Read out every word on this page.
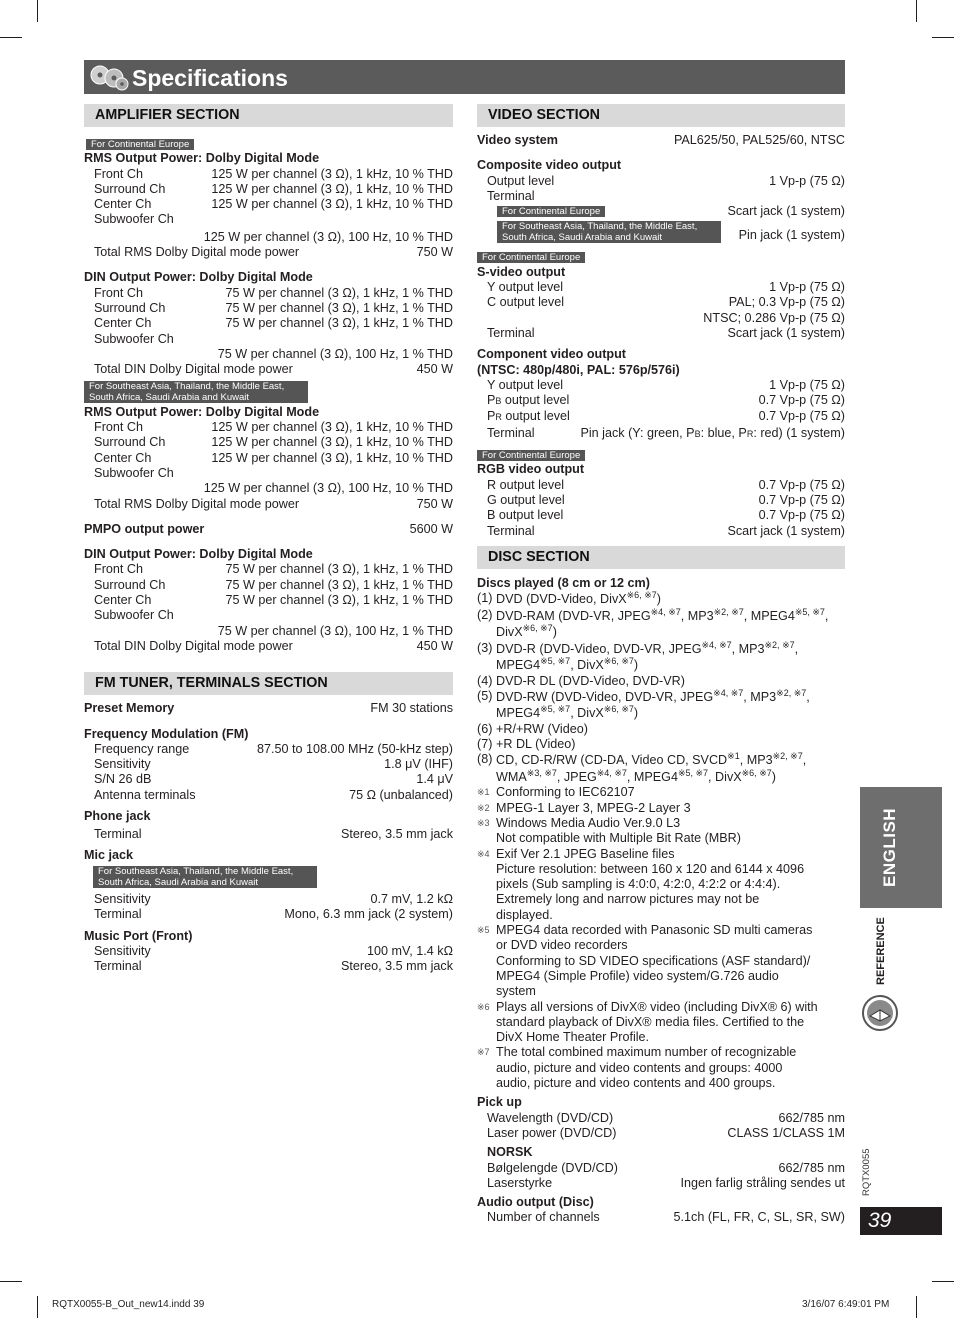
Specifications
AMPLIFIER SECTION
For Continental Europe
RMS Output Power: Dolby Digital Mode
Front Ch	125 W per channel (3 Ω), 1 kHz, 10 % THD
Surround Ch	125 W per channel (3 Ω), 1 kHz, 10 % THD
Center Ch	125 W per channel (3 Ω), 1 kHz, 10 % THD
Subwoofer Ch
125 W per channel (3 Ω), 100 Hz, 10 % THD
Total RMS Dolby Digital mode power	750 W
DIN Output Power: Dolby Digital Mode
Front Ch	75 W per channel (3 Ω), 1 kHz, 1 % THD
Surround Ch	75 W per channel (3 Ω), 1 kHz, 1 % THD
Center Ch	75 W per channel (3 Ω), 1 kHz, 1 % THD
Subwoofer Ch
75 W per channel (3 Ω), 100 Hz, 1 % THD
Total DIN Dolby Digital mode power	450 W
For Southeast Asia, Thailand, the Middle East,
South Africa, Saudi Arabia and Kuwait
RMS Output Power: Dolby Digital Mode
Front Ch	125 W per channel (3 Ω), 1 kHz, 10 % THD
Surround Ch	125 W per channel (3 Ω), 1 kHz, 10 % THD
Center Ch	125 W per channel (3 Ω), 1 kHz, 10 % THD
Subwoofer Ch
125 W per channel (3 Ω), 100 Hz, 10 % THD
Total RMS Dolby Digital mode power	750 W
PMPO output power	5600 W
DIN Output Power: Dolby Digital Mode
Front Ch	75 W per channel (3 Ω), 1 kHz, 1 % THD
Surround Ch	75 W per channel (3 Ω), 1 kHz, 1 % THD
Center Ch	75 W per channel (3 Ω), 1 kHz, 1 % THD
Subwoofer Ch
75 W per channel (3 Ω), 100 Hz, 1 % THD
Total DIN Dolby Digital mode power	450 W
FM TUNER, TERMINALS SECTION
Preset Memory	FM 30 stations
Frequency Modulation (FM)
Frequency range	87.50 to 108.00 MHz (50-kHz step)
Sensitivity	1.8 μV (IHF)
S/N 26 dB	1.4 μV
Antenna terminals	75 Ω (unbalanced)
Phone jack
Terminal	Stereo, 3.5 mm jack
Mic jack
For Southeast Asia, Thailand, the Middle East,
South Africa, Saudi Arabia and Kuwait
Sensitivity	0.7 mV, 1.2 kΩ
Terminal	Mono, 6.3 mm jack (2 system)
Music Port (Front)
Sensitivity	100 mV, 1.4 kΩ
Terminal	Stereo, 3.5 mm jack
VIDEO SECTION
Video system	PAL625/50, PAL525/60, NTSC
Composite video output
Output level	1 Vp-p (75 Ω)
Terminal
For Continental Europe	Scart jack (1 system)
For Southeast Asia, Thailand, the Middle East,
South Africa, Saudi Arabia and Kuwait	Pin jack (1 system)
For Continental Europe
S-video output
Y output level	1 Vp-p (75 Ω)
C output level	PAL; 0.3 Vp-p (75 Ω)
NTSC; 0.286 Vp-p (75 Ω)
Terminal	Scart jack (1 system)
Component video output
(NTSC: 480p/480i, PAL: 576p/576i)
Y output level	1 Vp-p (75 Ω)
PB output level	0.7 Vp-p (75 Ω)
PR output level	0.7 Vp-p (75 Ω)
Terminal	Pin jack (Y: green, PB: blue, PR: red) (1 system)
For Continental Europe
RGB video output
R output level	0.7 Vp-p (75 Ω)
G output level	0.7 Vp-p (75 Ω)
B output level	0.7 Vp-p (75 Ω)
Terminal	Scart jack (1 system)
DISC SECTION
Discs played (8 cm or 12 cm)
(1) DVD (DVD-Video, DivX$^{※6, ※7}$)
(2) DVD-RAM (DVD-VR, $JPEG^{※4, ※7}$, $MP3^{※2, ※7}$, $MPEG4^{※5, ※7}$,
DivX$^{※6, ※7}$)
(3) DVD-R (DVD-Video, DVD-VR, $JPEG^{※4, ※7}$, $MP3^{※2, ※7}$,
$MPEG4^{※5, ※7}$, DivX$^{※6, ※7}$)
(4) DVD-R DL (DVD-Video, DVD-VR)
(5) DVD-RW (DVD-Video, DVD-VR, $JPEG^{※4, ※7}$, $MP3^{※2, ※7}$,
$MPEG4^{※5, ※7}$, DivX$^{※6, ※7}$)
(6) +R/+RW (Video)
(7) +R DL (Video)
(8) CD, CD-R/RW (CD-DA, Video CD, SVCD$^{※1}$, $MP3^{※2, ※7}$,
$WMA^{※3, ※7}$, $JPEG^{※4, ※7}$, $MPEG4^{※5, ※7}$, DivX$^{※6, ※7}$)
※1 Conforming to IEC62107
※2 MPEG-1 Layer 3, MPEG-2 Layer 3
※3 Windows Media Audio Ver.9.0 L3
Not compatible with Multiple Bit Rate (MBR)
※4 Exif Ver 2.1 JPEG Baseline files
Picture resolution: between 160 x 120 and 6144 x 4096
pixels (Sub sampling is 4:0:0, 4:2:0, 4:2:2 or 4:4:4).
Extremely long and narrow pictures may not be
displayed.
※5 MPEG4 data recorded with Panasonic SD multi cameras
or DVD video recorders
Conforming to SD VIDEO specifications (ASF standard)/
MPEG4 (Simple Profile) video system/G.726 audio
system
※6 Plays all versions of DivX® video (including DivX® 6) with
standard playback of DivX® media files. Certified to the
DivX Home Theater Profile.
※7 The total combined maximum number of recognizable
audio, picture and video contents and groups: 4000
audio, picture and video contents and 400 groups.
Pick up
Wavelength (DVD/CD)	662/785 nm
Laser power (DVD/CD)	CLASS 1/CLASS 1M
NORSK
Bølgelengde (DVD/CD)	662/785 nm
Laserstyrke	Ingen farlig stråling sendes ut
Audio output (Disc)
Number of channels	5.1ch (FL, FR, C, SL, SR, SW)
ENGLISH
REFERENCE
RQTX0055
39
RQTX0055-B_Out_new14.indd 39	3/16/07 6:49:01 PM
